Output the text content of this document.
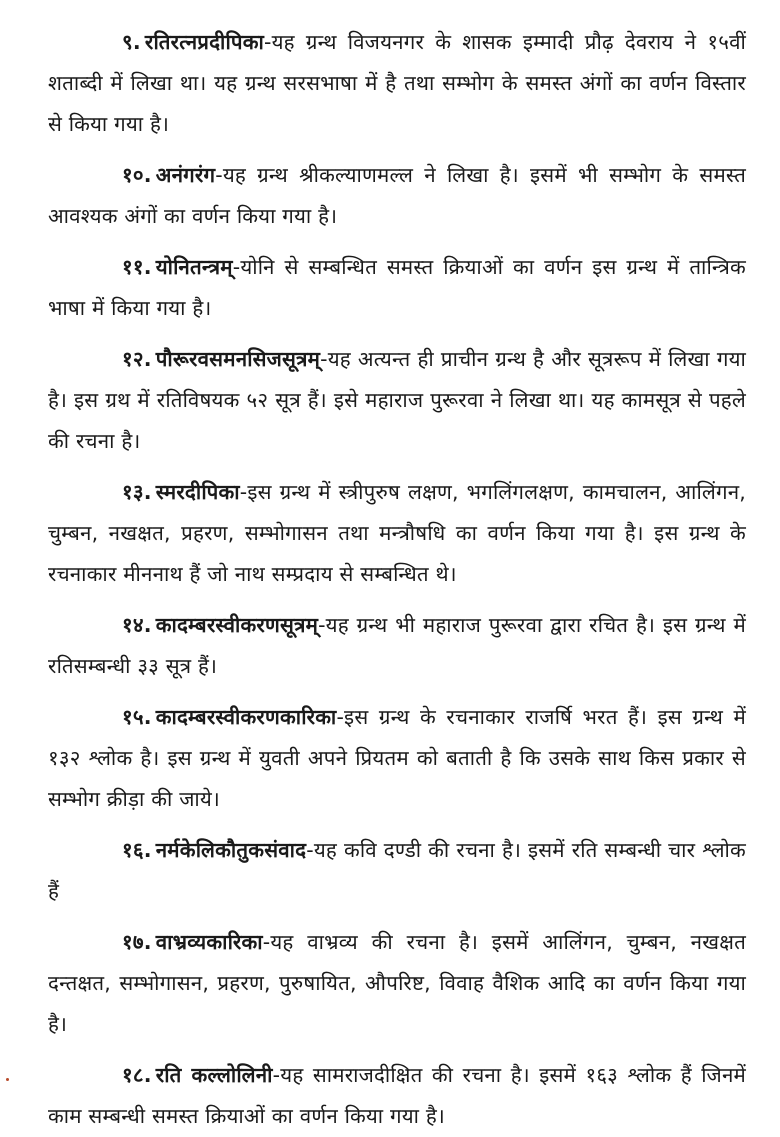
९. रतिरत्नप्रदीपिका-यह ग्रन्थ विजयनगर के शासक इम्मादी प्रौढ़ देवराय ने १५वीं शताब्दी में लिखा था। यह ग्रन्थ सरसभाषा में है तथा सम्भोग के समस्त अंगों का वर्णन विस्तार से किया गया है।

१०. अनंगरंग-यह ग्रन्थ श्रीकल्याणमल्ल ने लिखा है। इसमें भी सम्भोग के समस्त आवश्यक अंगों का वर्णन किया गया है।

११. योनितन्त्रम्-योनि से सम्बन्धित समस्त क्रियाओं का वर्णन इस ग्रन्थ में तान्त्रिक भाषा में किया गया है।

१२. पौरूरवसमनसिजसूत्रम्-यह अत्यन्त ही प्राचीन ग्रन्थ है और सूत्ररूप में लिखा गया है। इस ग्रथ में रतिविषयक ५२ सूत्र हैं। इसे महाराज पुरूरवा ने लिखा था। यह कामसूत्र से पहले की रचना है।

१३. स्मरदीपिका-इस ग्रन्थ में स्त्रीपुरुष लक्षण, भगलिंगलक्षण, कामचालन, आलिंगन, चुम्बन, नखक्षत, प्रहरण, सम्भोगासन तथा मन्त्रौषधि का वर्णन किया गया है। इस ग्रन्थ के रचनाकार मीननाथ हैं जो नाथ सम्प्रदाय से सम्बन्धित थे।

१४. कादम्बरस्वीकरणसूत्रम्-यह ग्रन्थ भी महाराज पुरूरवा द्वारा रचित है। इस ग्रन्थ में रतिसम्बन्धी ३३ सूत्र हैं।

१५. कादम्बरस्वीकरणकारिका-इस ग्रन्थ के रचनाकार राजर्षि भरत हैं। इस ग्रन्थ में १३२ श्लोक है। इस ग्रन्थ में युवती अपने प्रियतम को बताती है कि उसके साथ किस प्रकार से सम्भोग क्रीड़ा की जाये।

१६. नर्मकेलिकौतुकसंवाद-यह कवि दण्डी की रचना है। इसमें रति सम्बन्धी चार श्लोक हैं

१७. वाभ्रव्यकारिका-यह वाभ्रव्य की रचना है। इसमें आलिंगन, चुम्बन, नखक्षत दन्तक्षत, सम्भोगासन, प्रहरण, पुरुषायित, औपरिष्ट, विवाह वैशिक आदि का वर्णन किया गया है।

१८. रति कल्लोलिनी-यह सामराजदीक्षित की रचना है। इसमें १६३ श्लोक हैं जिनमें काम सम्बन्धी समस्त क्रियाओं का वर्णन किया गया है।
